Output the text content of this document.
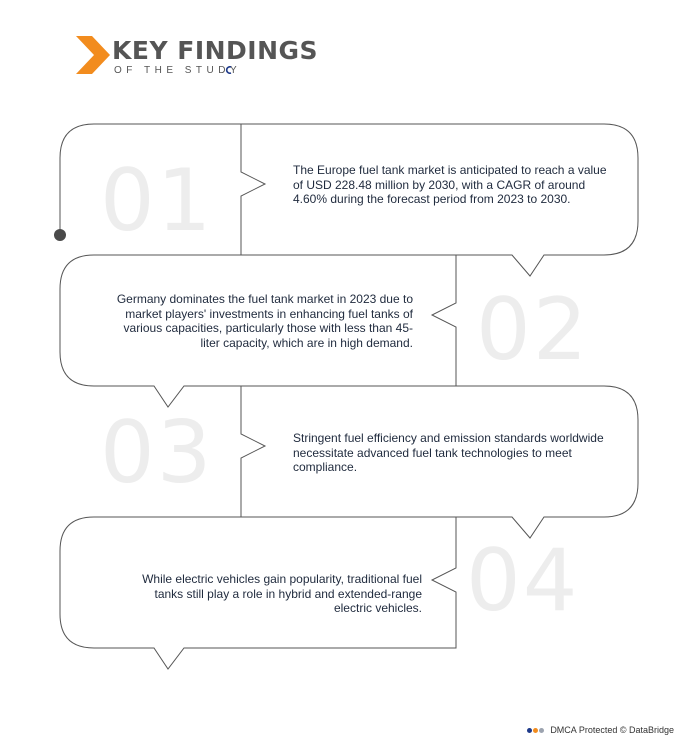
KEY FINDINGS
OF THE STUDY
01	The Europe fuel tank market is anticipated to reach a value of USD 228.48 million by 2030, with a CAGR of around 4.60% during the forecast period from 2023 to 2030.
02
Germany dominates the fuel tank market in 2023 due to market players' investments in enhancing fuel tanks of various capacities, particularly those with less than 45-liter capacity, which are in high demand.
03	Stringent fuel efficiency and emission standards worldwide necessitate advanced fuel tank technologies to meet compliance.
04
While electric vehicles gain popularity, traditional fuel tanks still play a role in hybrid and extended-range electric vehicles.
DMCA Protected © DataBridge
